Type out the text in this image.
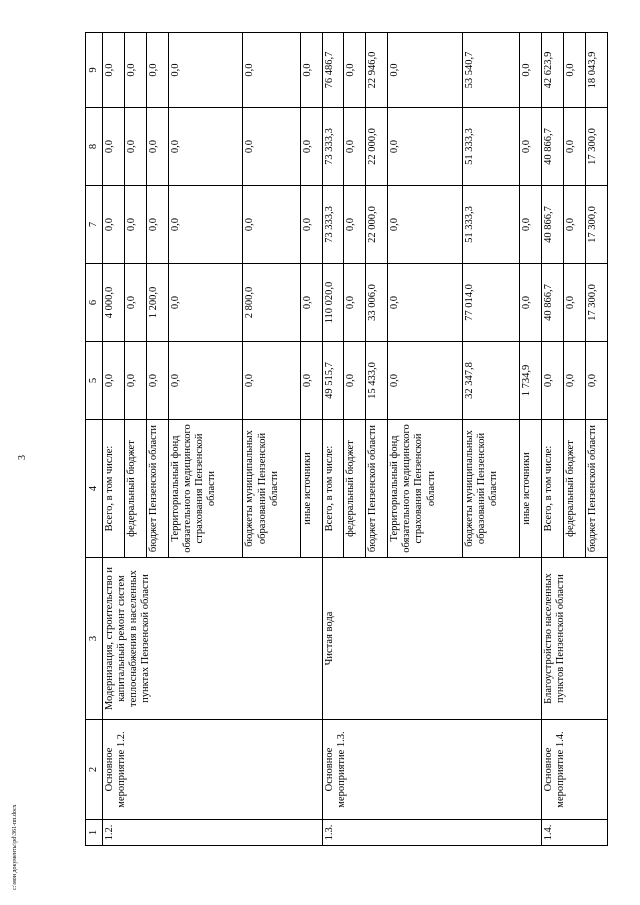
3
1	2	3	4	5	6	7	8	9
1.2.	Основное мероприятие 1.2.	Модернизация, строительство и капитальный ремонт систем теплоснабжения в населенных пунктах Пензенской области	Всего, в том числе:	0,0	4 000,0	0,0	0,0	0,0
			федеральный бюджет	0,0	0,0	0,0	0,0	0,0
			бюджет Пензенской области	0,0	1 200,0	0,0	0,0	0,0
			Территориальный фонд обязательного медицинского страхования Пензенской области	0,0	0,0	0,0	0,0	0,0
			бюджеты муниципальных образований Пензенской области	0,0	2 800,0	0,0	0,0	0,0
			иные источники	0,0	0,0	0,0	0,0	0,0
1.3.	Основное мероприятие 1.3.	Чистая вода	Всего, в том числе:	49 515,7	110 020,0	73 333,3	73 333,3	76 486,7
			федеральный бюджет	0,0	0,0	0,0	0,0	0,0
			бюджет Пензенской области	15 433,0	33 006,0	22 000,0	22 000,0	22 946,0
			Территориальный фонд обязательного медицинского страхования Пензенской области	0,0	0,0	0,0	0,0	0,0
			бюджеты муниципальных образований Пензенской области	32 347,8	77 014,0	51 333,3	51 333,3	53 540,7
			иные источники	1 734,9	0,0	0,0	0,0	0,0
1.4.	Основное мероприятие 1.4.	Благоустройство населенных пунктов Пензенской области	Всего, в том числе:	0,0	40 866,7	40 866,7	40 866,7	42 623,9
			федеральный бюджет	0,0	0,0	0,0	0,0	0,0
			бюджет Пензенской области	0,0	17 300,0	17 300,0	17 300,0	18 043,9
c:\мои документы\pd\361-пп.docx
